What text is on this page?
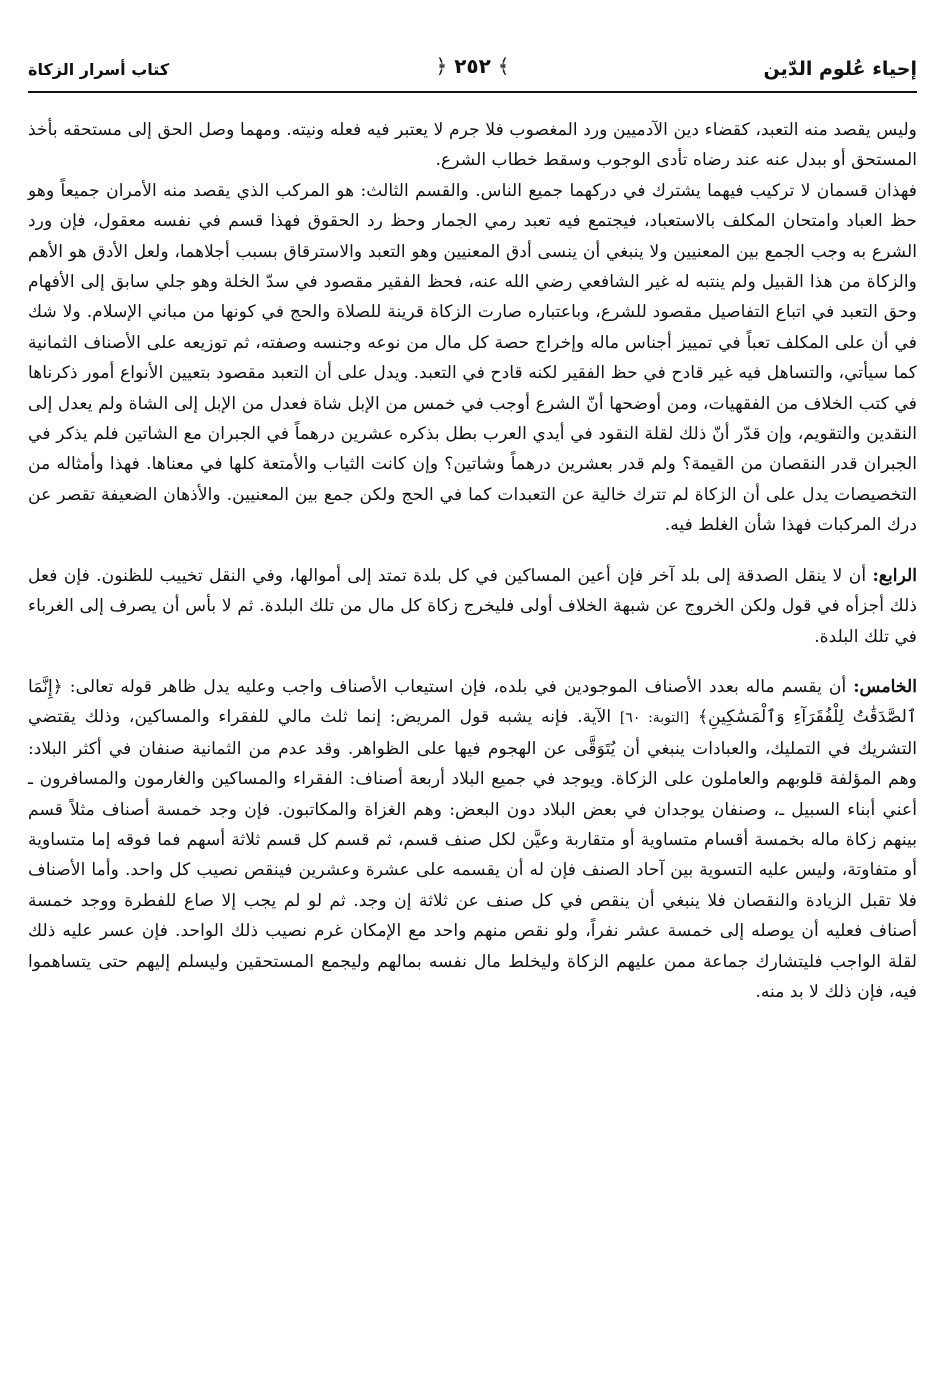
إحياء عُلوم الدّين
﴾ ٢٥٢ ﴿
كتاب أسرار الزكاة

وليس يقصد منه التعبد، كقضاء دين الآدميين ورد المغصوب فلا جرم لا يعتبر فيه فعله ونيته. ومهما وصل الحق إلى مستحقه بأخذ المستحق أو ببدل عنه عند رضاه تأدى الوجوب وسقط خطاب الشرع.

فهذان قسمان لا تركيب فيهما يشترك في دركهما جميع الناس. والقسم الثالث: هو المركب الذي يقصد منه الأمران جميعاً وهو حظ العباد وامتحان المكلف بالاستعباد، فيجتمع فيه تعبد رمي الجمار وحظ رد الحقوق فهذا قسم في نفسه معقول، فإن ورد الشرع به وجب الجمع بين المعنيين ولا ينبغي أن ينسى أدق المعنيين وهو التعبد والاسترقاق بسبب أجلاهما، ولعل الأدق هو الأهم والزكاة من هذا القبيل ولم ينتبه له غير الشافعي رضي الله عنه، فحظ الفقير مقصود في سدّ الخلة وهو جلي سابق إلى الأفهام وحق التعبد في اتباع التفاصيل مقصود للشرع، وباعتباره صارت الزكاة قرينة للصلاة والحج في كونها من مباني الإسلام. ولا شك في أن على المكلف تعباً في تمييز أجناس ماله وإخراج حصة كل مال من نوعه وجنسه وصفته، ثم توزيعه على الأصناف الثمانية كما سيأتي، والتساهل فيه غير قادح في حظ الفقير لكنه قادح في التعبد. ويدل على أن التعبد مقصود بتعيين الأنواع أمور ذكرناها في كتب الخلاف من الفقهيات، ومن أوضحها أنّ الشرع أوجب في خمس من الإبل شاة فعدل من الإبل إلى الشاة ولم يعدل إلى النقدين والتقويم، وإن قدّر أنّ ذلك لقلة النقود في أيدي العرب بطل بذكره عشرين درهماً في الجبران مع الشاتين فلم يذكر في الجبران قدر النقصان من القيمة؟ ولم قدر بعشرين درهماً وشاتين؟ وإن كانت الثياب والأمتعة كلها في معناها. فهذا وأمثاله من التخصيصات يدل على أن الزكاة لم تترك خالية عن التعبدات كما في الحج ولكن جمع بين المعنيين. والأذهان الضعيفة تقصر عن درك المركبات فهذا شأن الغلط فيه.

الرابع: أن لا ينقل الصدقة إلى بلد آخر فإن أعين المساكين في كل بلدة تمتد إلى أموالها، وفي النقل تخييب للظنون. فإن فعل ذلك أجزأه في قول ولكن الخروج عن شبهة الخلاف أولى فليخرج زكاة كل مال من تلك البلدة. ثم لا بأس أن يصرف إلى الغرباء في تلك البلدة.

الخامس: أن يقسم ماله بعدد الأصناف الموجودين في بلده، فإن استيعاب الأصناف واجب وعليه يدل ظاهر قوله تعالى: ﴿إِنَّمَا ٱلصَّدَقَٰتُ لِلْفُقَرَآءِ وَٱلْمَسَٰكِينِ﴾ [التوبة: ٦٠] الآية. فإنه يشبه قول المريض: إنما ثلث مالي للفقراء والمساكين، وذلك يقتضي التشريك في التمليك، والعبادات ينبغي أن يُتَوَقَّى عن الهجوم فيها على الظواهر. وقد عدم من الثمانية صنفان في أكثر البلاد: وهم المؤلفة قلوبهم والعاملون على الزكاة. ويوجد في جميع البلاد أربعة أصناف: الفقراء والمساكين والغارمون والمسافرون ـ أعني أبناء السبيل ـ، وصنفان يوجدان في بعض البلاد دون البعض: وهم الغزاة والمكاتبون. فإن وجد خمسة أصناف مثلاً قسم بينهم زكاة ماله بخمسة أقسام متساوية أو متقاربة وعيَّن لكل صنف قسم، ثم قسم كل قسم ثلاثة أسهم فما فوقه إما متساوية أو متفاوتة، وليس عليه التسوية بين آحاد الصنف فإن له أن يقسمه على عشرة وعشرين فينقص نصيب كل واحد. وأما الأصناف فلا تقبل الزيادة والنقصان فلا ينبغي أن ينقص في كل صنف عن ثلاثة إن وجد. ثم لو لم يجب إلا صاع للفطرة ووجد خمسة أصناف فعليه أن يوصله إلى خمسة عشر نفراً، ولو نقص منهم واحد مع الإمكان غرم نصيب ذلك الواحد. فإن عسر عليه ذلك لقلة الواجب فليتشارك جماعة ممن عليهم الزكاة وليخلط مال نفسه بمالهم وليجمع المستحقين وليسلم إليهم حتى يتساهموا فيه، فإن ذلك لا بد منه.
